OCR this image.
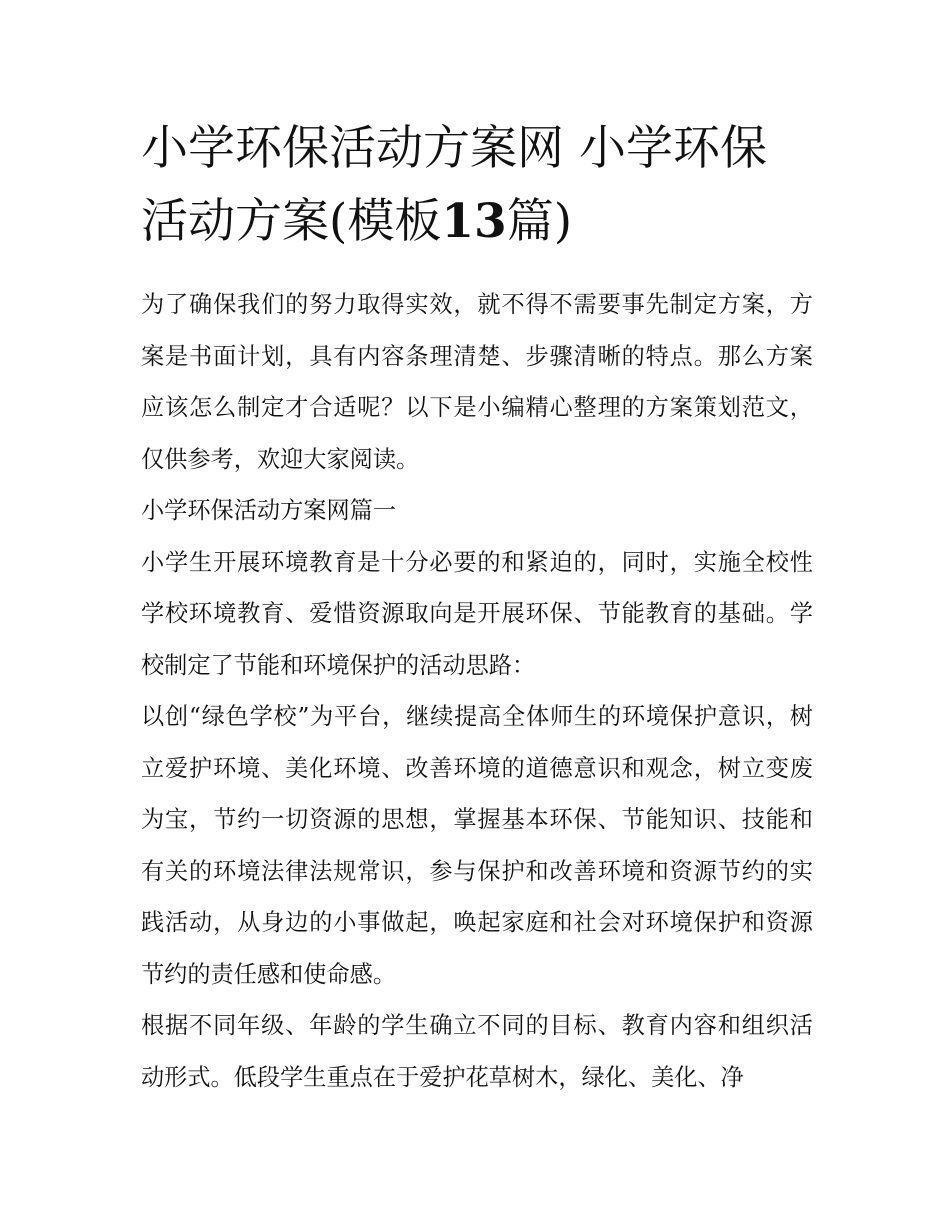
小学环保活动方案网 小学环保活动方案(模板13篇)

为了确保我们的努力取得实效，就不得不需要事先制定方案，方案是书面计划，具有内容条理清楚、步骤清晰的特点。那么方案应该怎么制定才合适呢？以下是小编精心整理的方案策划范文，仅供参考，欢迎大家阅读。

小学环保活动方案网篇一

小学生开展环境教育是十分必要的和紧迫的，同时，实施全校性学校环境教育、爱惜资源取向是开展环保、节能教育的基础。学校制定了节能和环境保护的活动思路：

以创“绿色学校”为平台，继续提高全体师生的环境保护意识，树立爱护环境、美化环境、改善环境的道德意识和观念，树立变废为宝，节约一切资源的思想，掌握基本环保、节能知识、技能和有关的环境法律法规常识，参与保护和改善环境和资源节约的实践活动，从身边的小事做起，唤起家庭和社会对环境保护和资源节约的责任感和使命感。

根据不同年级、年龄的学生确立不同的目标、教育内容和组织活动形式。低段学生重点在于爱护花草树木，绿化、美化、净
